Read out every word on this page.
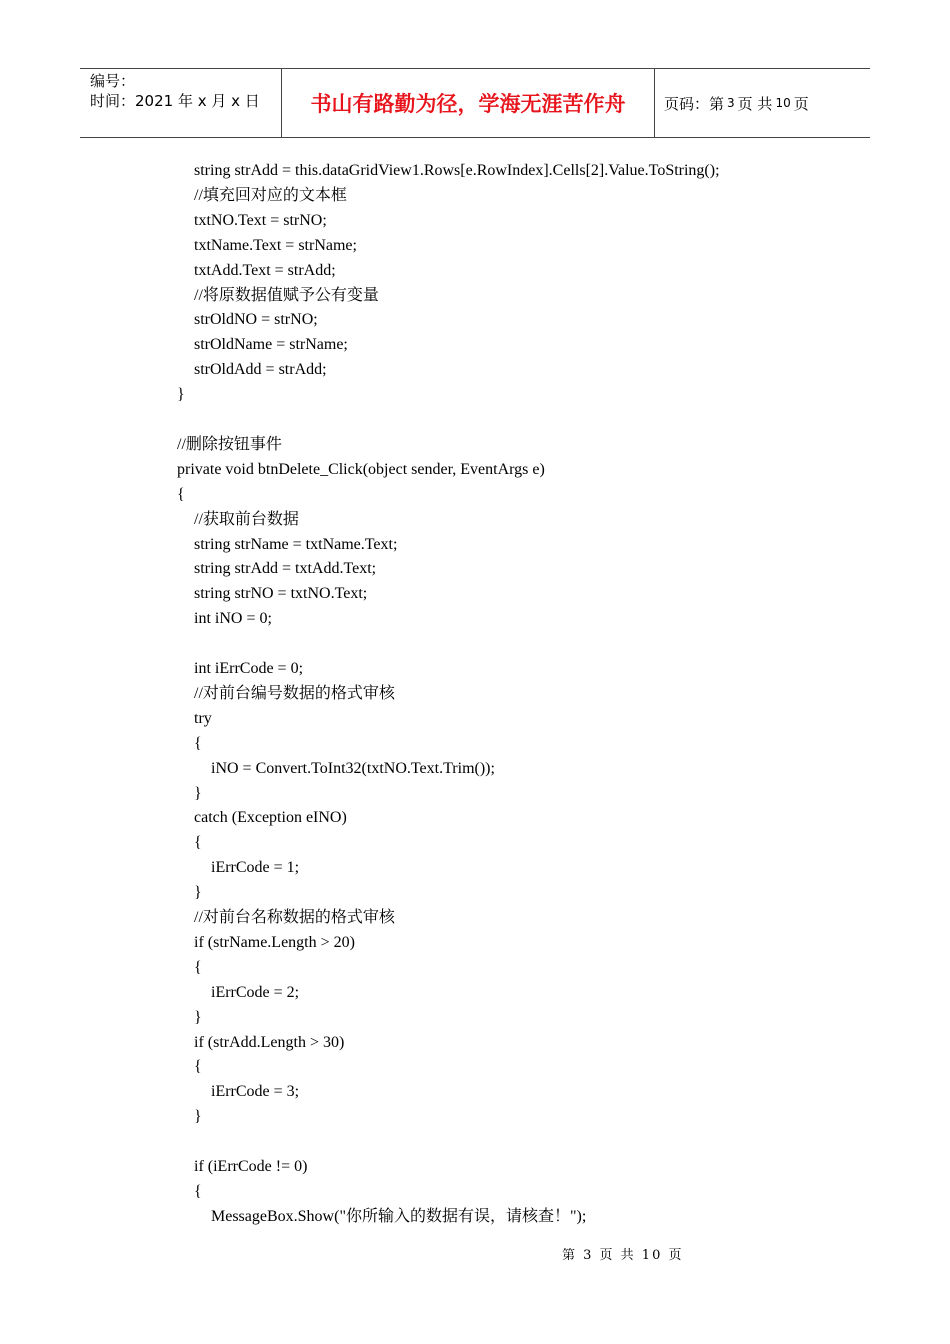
编号：
时间：2021 年 x 月 x 日	书山有路勤为径，学海无涯苦作舟	页码：第 3 页 共 10 页
string strAdd = this.dataGridView1.Rows[e.RowIndex].Cells[2].Value.ToString();
//填充回对应的文本框
txtNO.Text = strNO;
txtName.Text = strName;
txtAdd.Text = strAdd;
//将原数据值赋予公有变量
strOldNO = strNO;
strOldName = strName;
strOldAdd = strAdd;
}
//删除按钮事件
private void btnDelete_Click(object sender, EventArgs e)
{
//获取前台数据
string strName = txtName.Text;
string strAdd = txtAdd.Text;
string strNO = txtNO.Text;
int iNO = 0;
int iErrCode = 0;
//对前台编号数据的格式审核
try
{
iNO = Convert.ToInt32(txtNO.Text.Trim());
}
catch (Exception eINO)
{
iErrCode = 1;
}
//对前台名称数据的格式审核
if (strName.Length > 20)
{
iErrCode = 2;
}
if (strAdd.Length > 30)
{
iErrCode = 3;
}
if (iErrCode != 0)
{
MessageBox.Show("你所输入的数据有误，请核查！");
第 3 页 共 10 页
